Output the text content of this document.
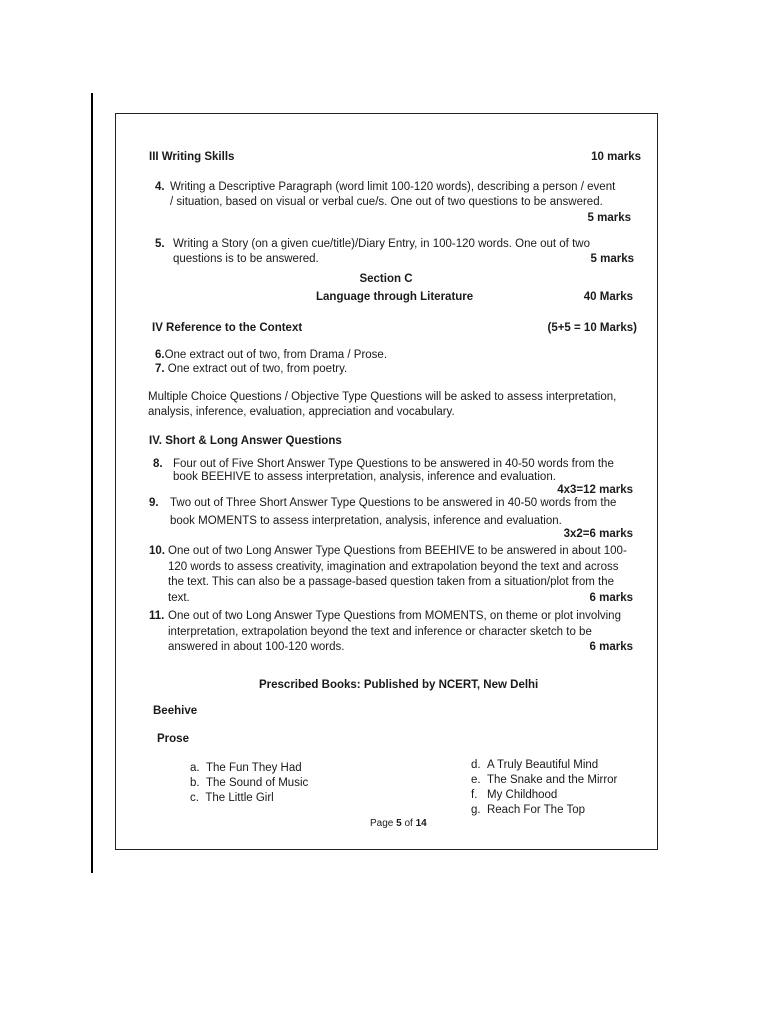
III Writing Skills	10 marks
4. Writing a Descriptive Paragraph (word limit 100-120 words), describing a person / event
/ situation, based on visual or verbal cue/s. One out of two questions to be answered.
5 marks
5. Writing a Story (on a given cue/title)/Diary Entry, in 100-120 words. One out of two
questions is to be answered.	5 marks
Section C
Language through Literature	40 Marks
IV Reference to the Context	(5+5 = 10 Marks)
6.One extract out of two, from Drama / Prose.
7. One extract out of two, from poetry.
Multiple Choice Questions / Objective Type Questions will be asked to assess interpretation,
analysis, inference, evaluation, appreciation and vocabulary.
IV. Short & Long Answer Questions
8. Four out of Five Short Answer Type Questions to be answered in 40-50 words from the
book BEEHIVE to assess interpretation, analysis, inference and evaluation.
4x3=12 marks
9. Two out of Three Short Answer Type Questions to be answered in 40-50 words from the
book MOMENTS to assess interpretation, analysis, inference and evaluation.
3x2=6 marks
10. One out of two Long Answer Type Questions from BEEHIVE to be answered in about 100-
120 words to assess creativity, imagination and extrapolation beyond the text and across
the text. This can also be a passage-based question taken from a situation/plot from the
text.	6 marks
11. One out of two Long Answer Type Questions from MOMENTS, on theme or plot involving
interpretation, extrapolation beyond the text and inference or character sketch to be
answered in about 100-120 words.	6 marks
Prescribed Books: Published by NCERT, New Delhi
Beehive
Prose
a. The Fun They Had
b. The Sound of Music
c. The Little Girl
d. A Truly Beautiful Mind
e. The Snake and the Mirror
f. My Childhood
g. Reach For The Top
Page 5 of 14
